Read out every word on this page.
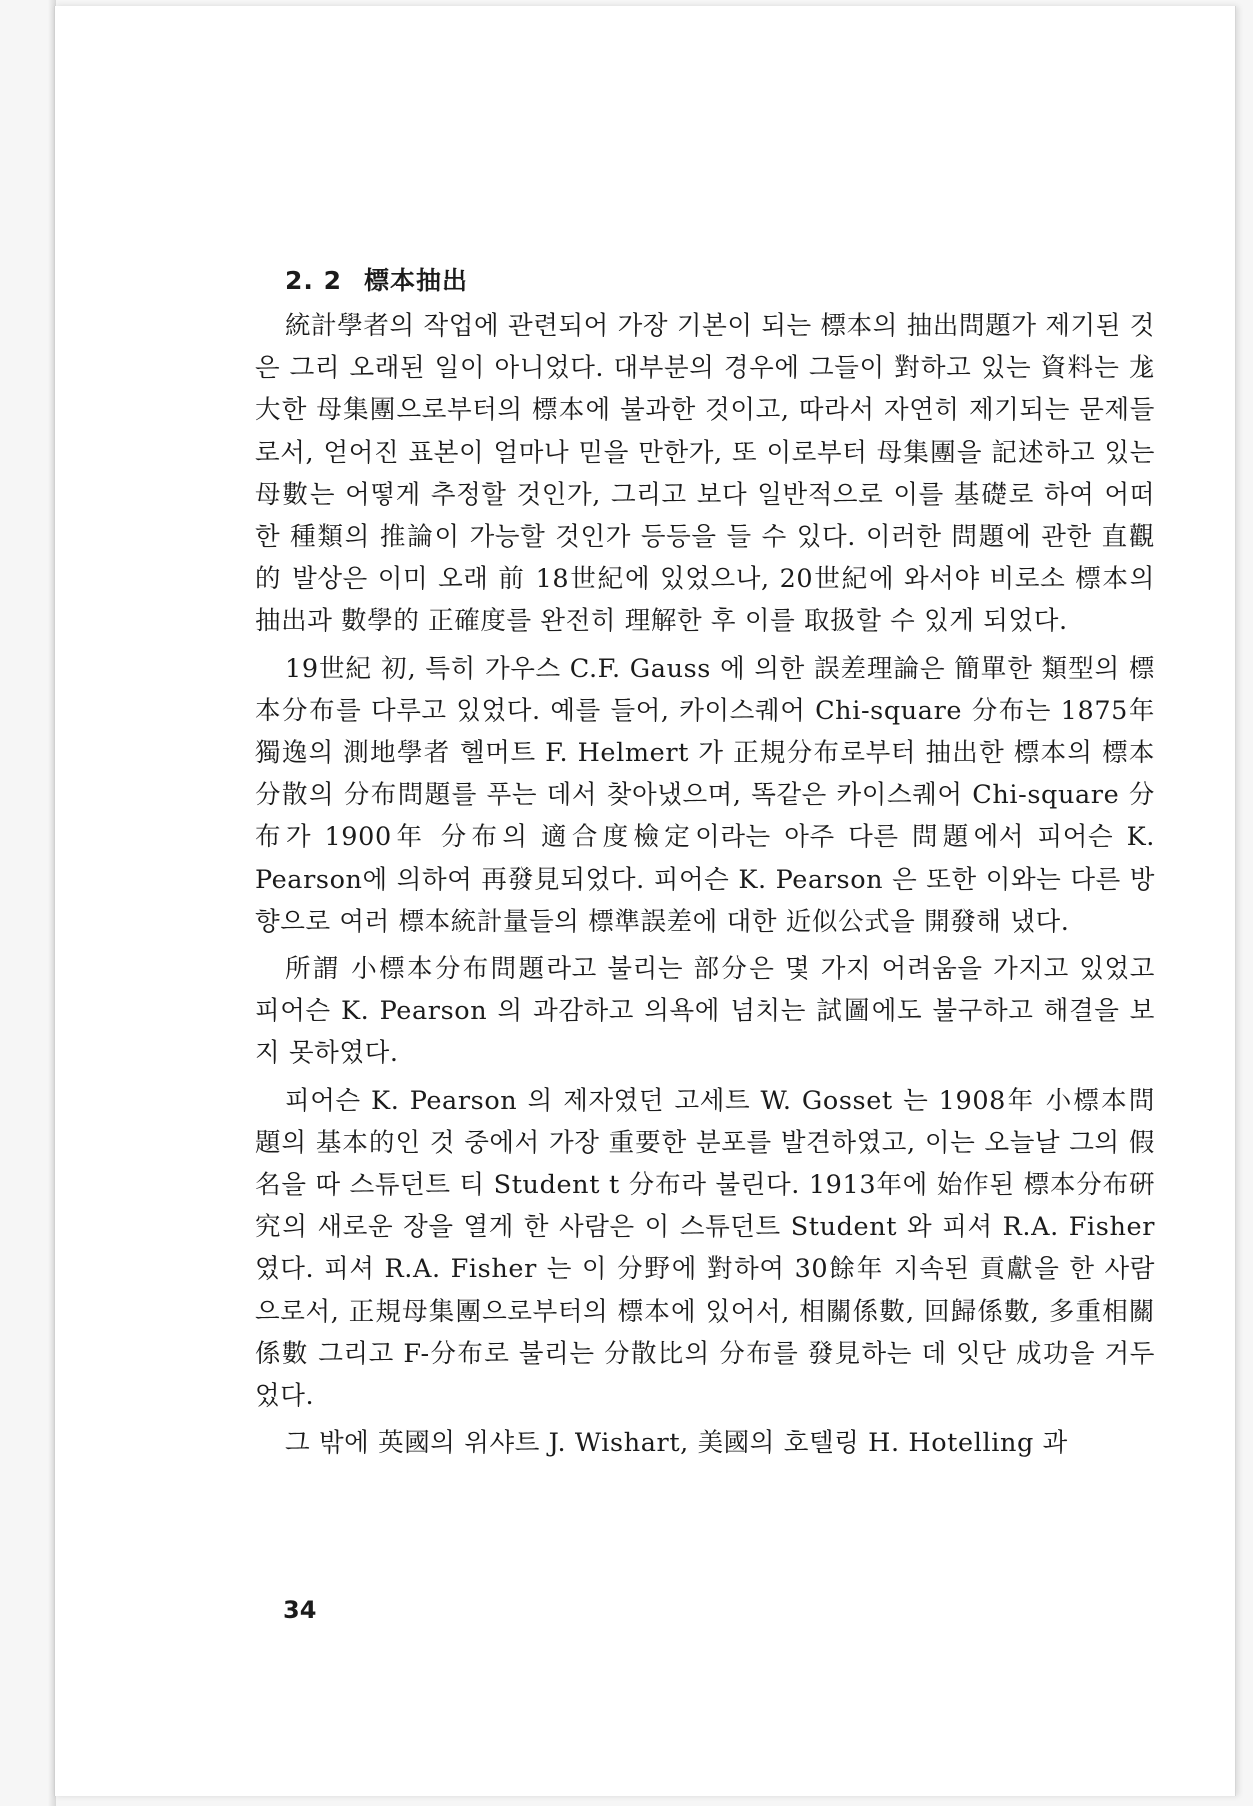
2. 2 標本抽出

統計學者의 작업에 관련되어 가장 기본이 되는 標本의 抽出問題가 제기된 것은 그리 오래된 일이 아니었다. 대부분의 경우에 그들이 對하고 있는 資料는 尨大한 母集團으로부터의 標本에 불과한 것이고, 따라서 자연히 제기되는 문제들로서, 얻어진 표본이 얼마나 믿을 만한가, 또 이로부터 母集團을 記述하고 있는 母數는 어떻게 추정할 것인가, 그리고 보다 일반적으로 이를 基礎로 하여 어떠한 種類의 推論이 가능할 것인가 등등을 들 수 있다. 이러한 問題에 관한 直觀的 발상은 이미 오래 前 18世紀에 있었으나, 20世紀에 와서야 비로소 標本의 抽出과 數學的 正確度를 완전히 理解한 후 이를 取扱할 수 있게 되었다.

19世紀 初, 특히 가우스 C.F. Gauss 에 의한 誤差理論은 簡單한 類型의 標本分布를 다루고 있었다. 예를 들어, 카이스퀘어 Chi-square 分布는 1875年 獨逸의 測地學者 헬머트 F. Helmert 가 正規分布로부터 抽出한 標本의 標本分散의 分布問題를 푸는 데서 찾아냈으며, 똑같은 카이스퀘어 Chi-square 分布가 1900年 分布의 適合度檢定이라는 아주 다른 問題에서 피어슨 K. Pearson에 의하여 再發見되었다. 피어슨 K. Pearson 은 또한 이와는 다른 방향으로 여러 標本統計量들의 標準誤差에 대한 近似公式을 開發해 냈다.

所謂 小標本分布問題라고 불리는 部分은 몇 가지 어려움을 가지고 있었고 피어슨 K. Pearson 의 과감하고 의욕에 넘치는 試圖에도 불구하고 해결을 보지 못하였다.

피어슨 K. Pearson 의 제자였던 고세트 W. Gosset 는 1908年 小標本問題의 基本的인 것 중에서 가장 重要한 분포를 발견하였고, 이는 오늘날 그의 假名을 따 스튜던트 티 Student t 分布라 불린다. 1913年에 始作된 標本分布硏究의 새로운 장을 열게 한 사람은 이 스튜던트 Student 와 피셔 R.A. Fisher 였다. 피셔 R.A. Fisher 는 이 分野에 對하여 30餘年 지속된 貢獻을 한 사람으로서, 正規母集團으로부터의 標本에 있어서, 相關係數, 回歸係數, 多重相關係數 그리고 F-分布로 불리는 分散比의 分布를 發見하는 데 잇단 成功을 거두었다.

그 밖에 英國의 위샤트 J. Wishart, 美國의 호텔링 H. Hotelling 과

34
